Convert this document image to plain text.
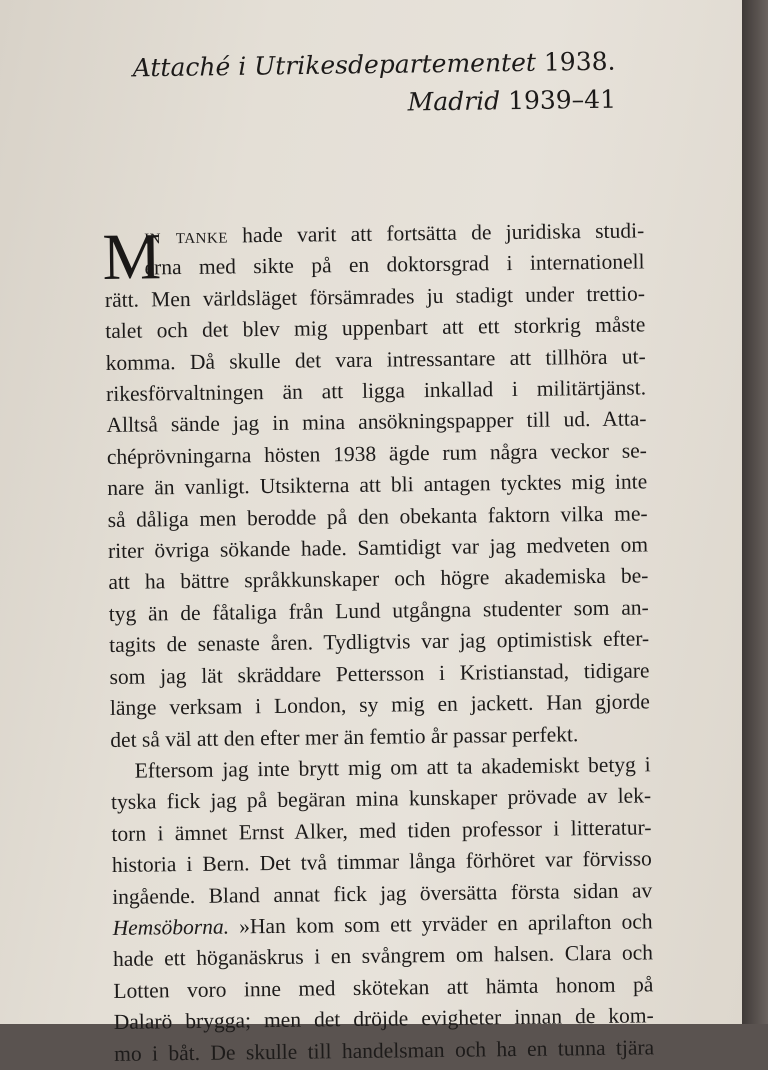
Attaché i Utrikesdepartementet 1938.
Madrid 1939–41
M
in tanke hade varit att fortsätta de juridiska studi-
erna med sikte på en doktorsgrad i internationell
rätt. Men världsläget försämrades ju stadigt under trettio-
talet och det blev mig uppenbart att ett storkrig måste
komma. Då skulle det vara intressantare att tillhöra ut-
rikesförvaltningen än att ligga inkallad i militärtjänst.
Alltså sände jag in mina ansökningspapper till ud. Atta-
chéprövningarna hösten 1938 ägde rum några veckor se-
nare än vanligt. Utsikterna att bli antagen tycktes mig inte
så dåliga men berodde på den obekanta faktorn vilka me-
riter övriga sökande hade. Samtidigt var jag medveten om
att ha bättre språkkunskaper och högre akademiska be-
tyg än de fåtaliga från Lund utgångna studenter som an-
tagits de senaste åren. Tydligtvis var jag optimistisk efter-
som jag lät skräddare Pettersson i Kristianstad, tidigare
länge verksam i London, sy mig en jackett. Han gjorde
det så väl att den efter mer än femtio år passar perfekt.
Eftersom jag inte brytt mig om att ta akademiskt betyg i
tyska fick jag på begäran mina kunskaper prövade av lek-
torn i ämnet Ernst Alker, med tiden professor i litteratur-
historia i Bern. Det två timmar långa förhöret var förvisso
ingående. Bland annat fick jag översätta första sidan av
Hemsöborna. »Han kom som ett yrväder en aprilafton och
hade ett höganäskrus i en svångrem om halsen. Clara och
Lotten voro inne med skötekan att hämta honom på
Dalarö brygga; men det dröjde evigheter innan de kom-
mo i båt. De skulle till handelsman och ha en tunna tjära
